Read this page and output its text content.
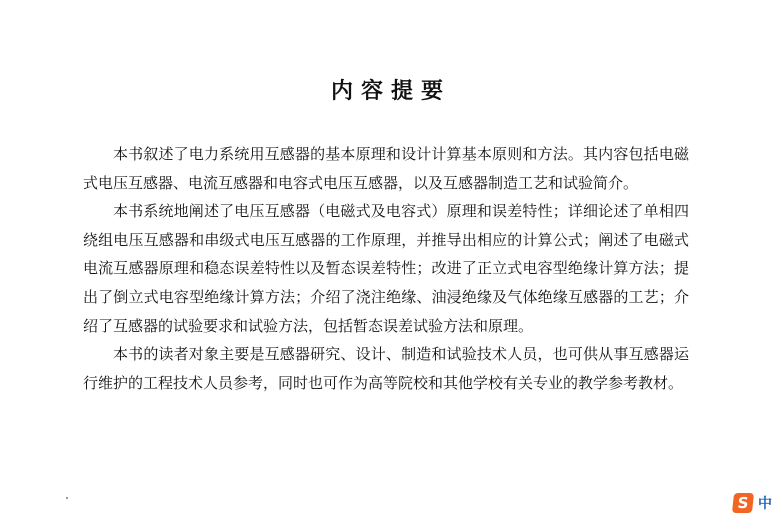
内容提要

本书叙述了电力系统用互感器的基本原理和设计计算基本原则和方法。其内容包括电磁式电压互感器、电流互感器和电容式电压互感器，以及互感器制造工艺和试验简介。

本书系统地阐述了电压互感器（电磁式及电容式）原理和误差特性；详细论述了单相四绕组电压互感器和串级式电压互感器的工作原理，并推导出相应的计算公式；阐述了电磁式电流互感器原理和稳态误差特性以及暂态误差特性；改进了正立式电容型绝缘计算方法；提出了倒立式电容型绝缘计算方法；介绍了浇注绝缘、油浸绝缘及气体绝缘互感器的工艺；介绍了互感器的试验要求和试验方法，包括暂态误差试验方法和原理。

本书的读者对象主要是互感器研究、设计、制造和试验技术人员，也可供从事互感器运行维护的工程技术人员参考，同时也可作为高等院校和其他学校有关专业的教学参考教材。

S 中
